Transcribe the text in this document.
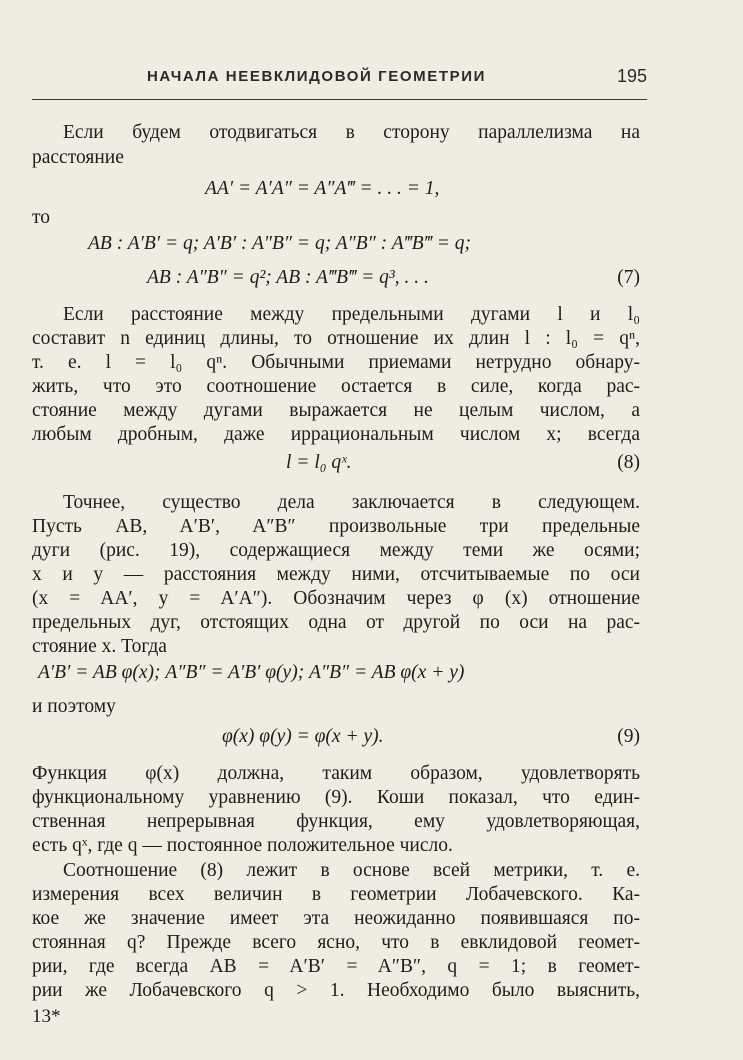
НАЧАЛА НЕЕВКЛИДОВОЙ ГЕОМЕТРИИ	195
Если будем отодвигаться в сторону параллелизма на
расстояние
AA′ = A′A″ = A″A‴ = . . . = 1,
то
AB : A′B′ = q; A′B′ : A″B″ = q; A″B″ : A‴B‴ = q;
AB : A″B″ = q²; AB : A‴B‴ = q³, . . .	(7)
Если расстояние между предельными дугами l и l₀
составит n единиц длины, то отношение их длин l : l₀ = qⁿ,
т. е. l = l₀ qⁿ. Обычными приемами нетрудно обнару-
жить, что это соотношение остается в силе, когда рас-
стояние между дугами выражается не целым числом, а
любым дробным, даже иррациональным числом x; всегда
l = l₀ qˣ.	(8)
Точнее, существо дела заключается в следующем.
Пусть AB, A′B′, A″B″ произвольные три предельные
дуги (рис. 19), содержащиеся между теми же осями;
x и y — расстояния между ними, отсчитываемые по оси
(x = AA′, y = A′A″). Обозначим через φ (x) отношение
предельных дуг, отстоящих одна от другой по оси на рас-
стояние x. Тогда
A′B′ = AB φ(x); A″B″ = A′B′ φ(y); A″B″ = AB φ(x + y)
и поэтому
φ(x) φ(y) = φ(x + y).	(9)
Функция φ(x) должна, таким образом, удовлетворять
функциональному уравнению (9). Коши показал, что един-
ственная непрерывная функция, ему удовлетворяющая,
есть qˣ, где q — постоянное положительное число.
Соотношение (8) лежит в основе всей метрики, т. е.
измерения всех величин в геометрии Лобачевского. Ка-
кое же значение имеет эта неожиданно появившаяся по-
стоянная q? Прежде всего ясно, что в евклидовой геомет-
рии, где всегда AB = A′B′ = A″B″, q = 1; в геомет-
рии же Лобачевского q > 1. Необходимо было выяснить,
13*
